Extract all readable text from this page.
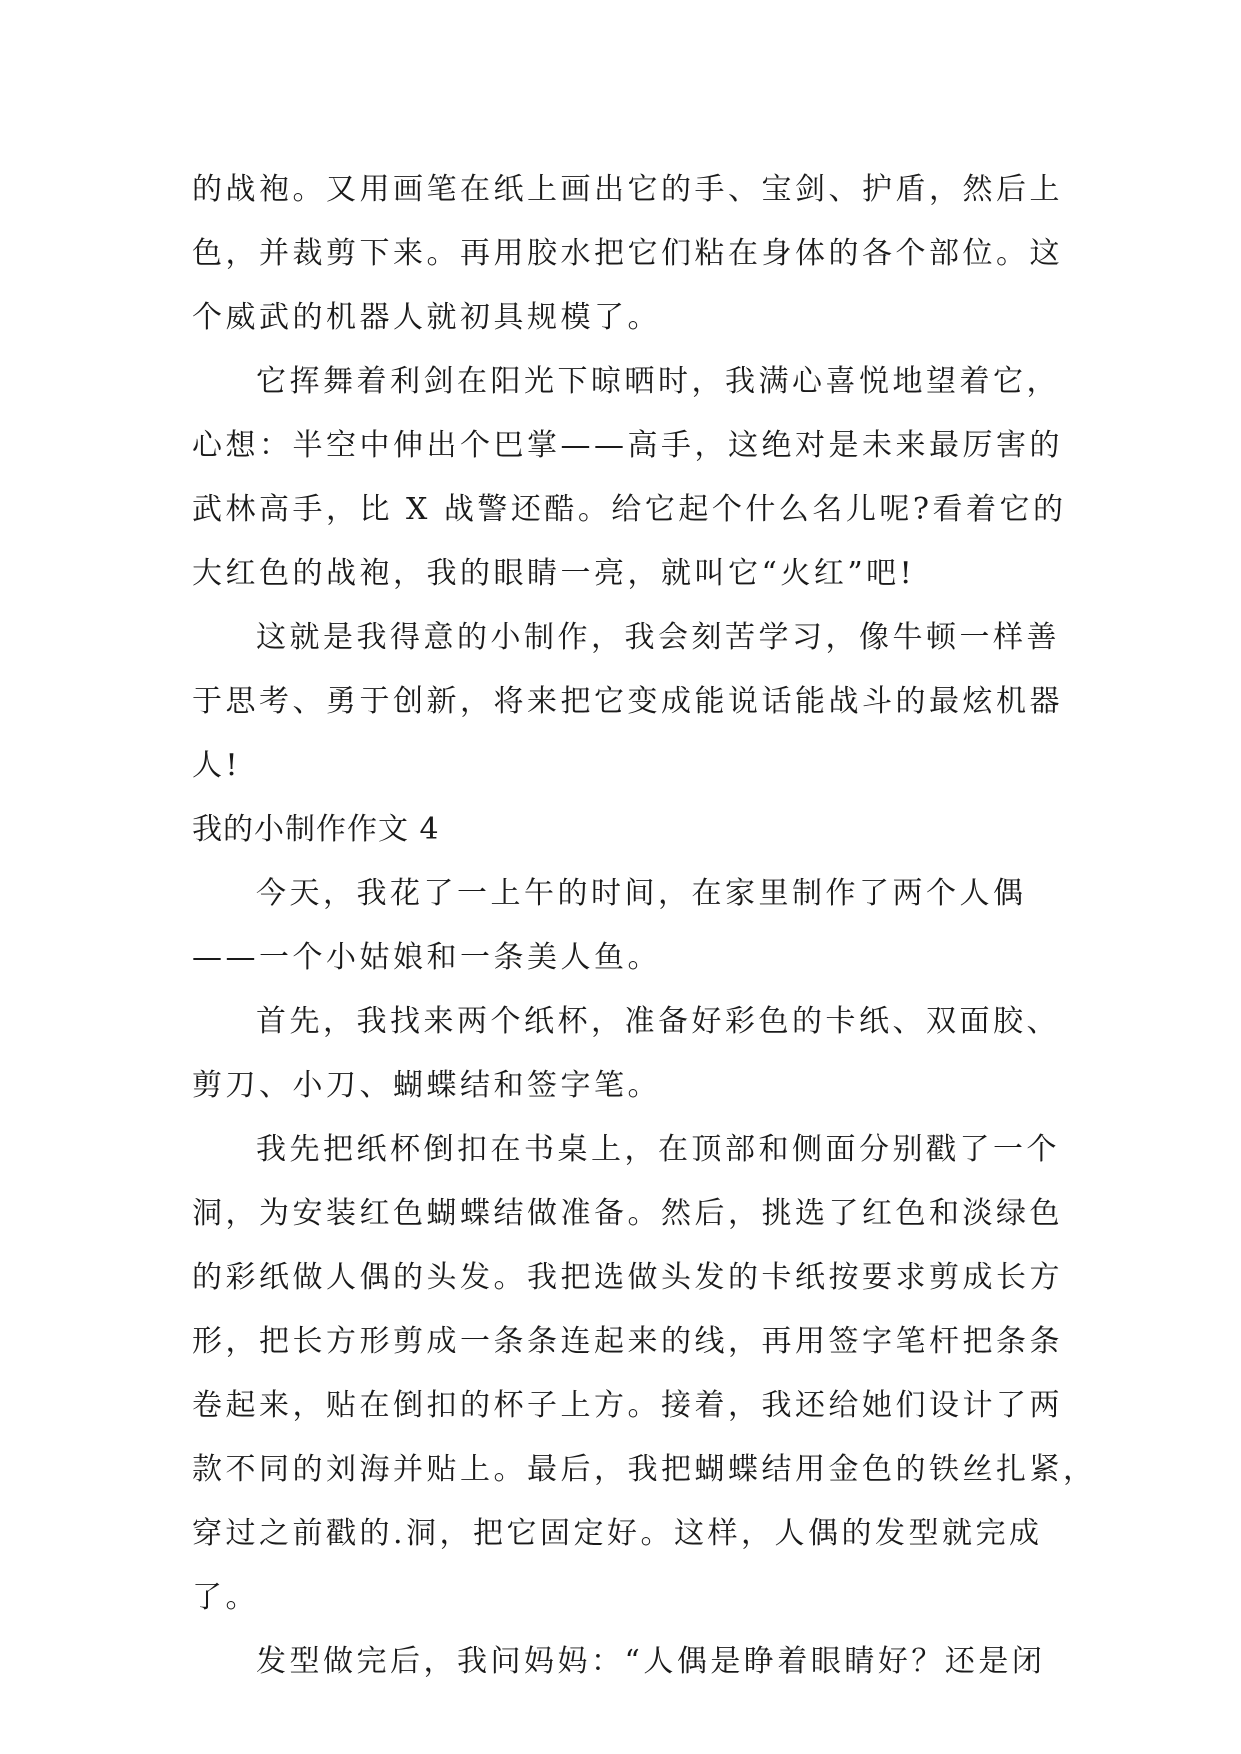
的战袍。又用画笔在纸上画出它的手、宝剑、护盾，然后上
色，并裁剪下来。再用胶水把它们粘在身体的各个部位。这
个威武的机器人就初具规模了。
它挥舞着利剑在阳光下晾晒时，我满心喜悦地望着它，
心想：半空中伸出个巴掌——高手，这绝对是未来最厉害的
武林高手，比 X 战警还酷。给它起个什么名儿呢?看着它的
大红色的战袍，我的眼睛一亮，就叫它“火红”吧!
这就是我得意的小制作，我会刻苦学习，像牛顿一样善
于思考、勇于创新，将来把它变成能说话能战斗的最炫机器
人!
我的小制作作文 4
今天，我花了一上午的时间，在家里制作了两个人偶
——一个小姑娘和一条美人鱼。
首先，我找来两个纸杯，准备好彩色的卡纸、双面胶、
剪刀、小刀、蝴蝶结和签字笔。
我先把纸杯倒扣在书桌上，在顶部和侧面分别戳了一个
洞，为安装红色蝴蝶结做准备。然后，挑选了红色和淡绿色
的彩纸做人偶的头发。我把选做头发的卡纸按要求剪成长方
形，把长方形剪成一条条连起来的线，再用签字笔杆把条条
卷起来，贴在倒扣的杯子上方。接着，我还给她们设计了两
款不同的刘海并贴上。最后，我把蝴蝶结用金色的铁丝扎紧，
穿过之前戳的.洞，把它固定好。这样，人偶的发型就完成
了。
发型做完后，我问妈妈：“人偶是睁着眼睛好？还是闭
